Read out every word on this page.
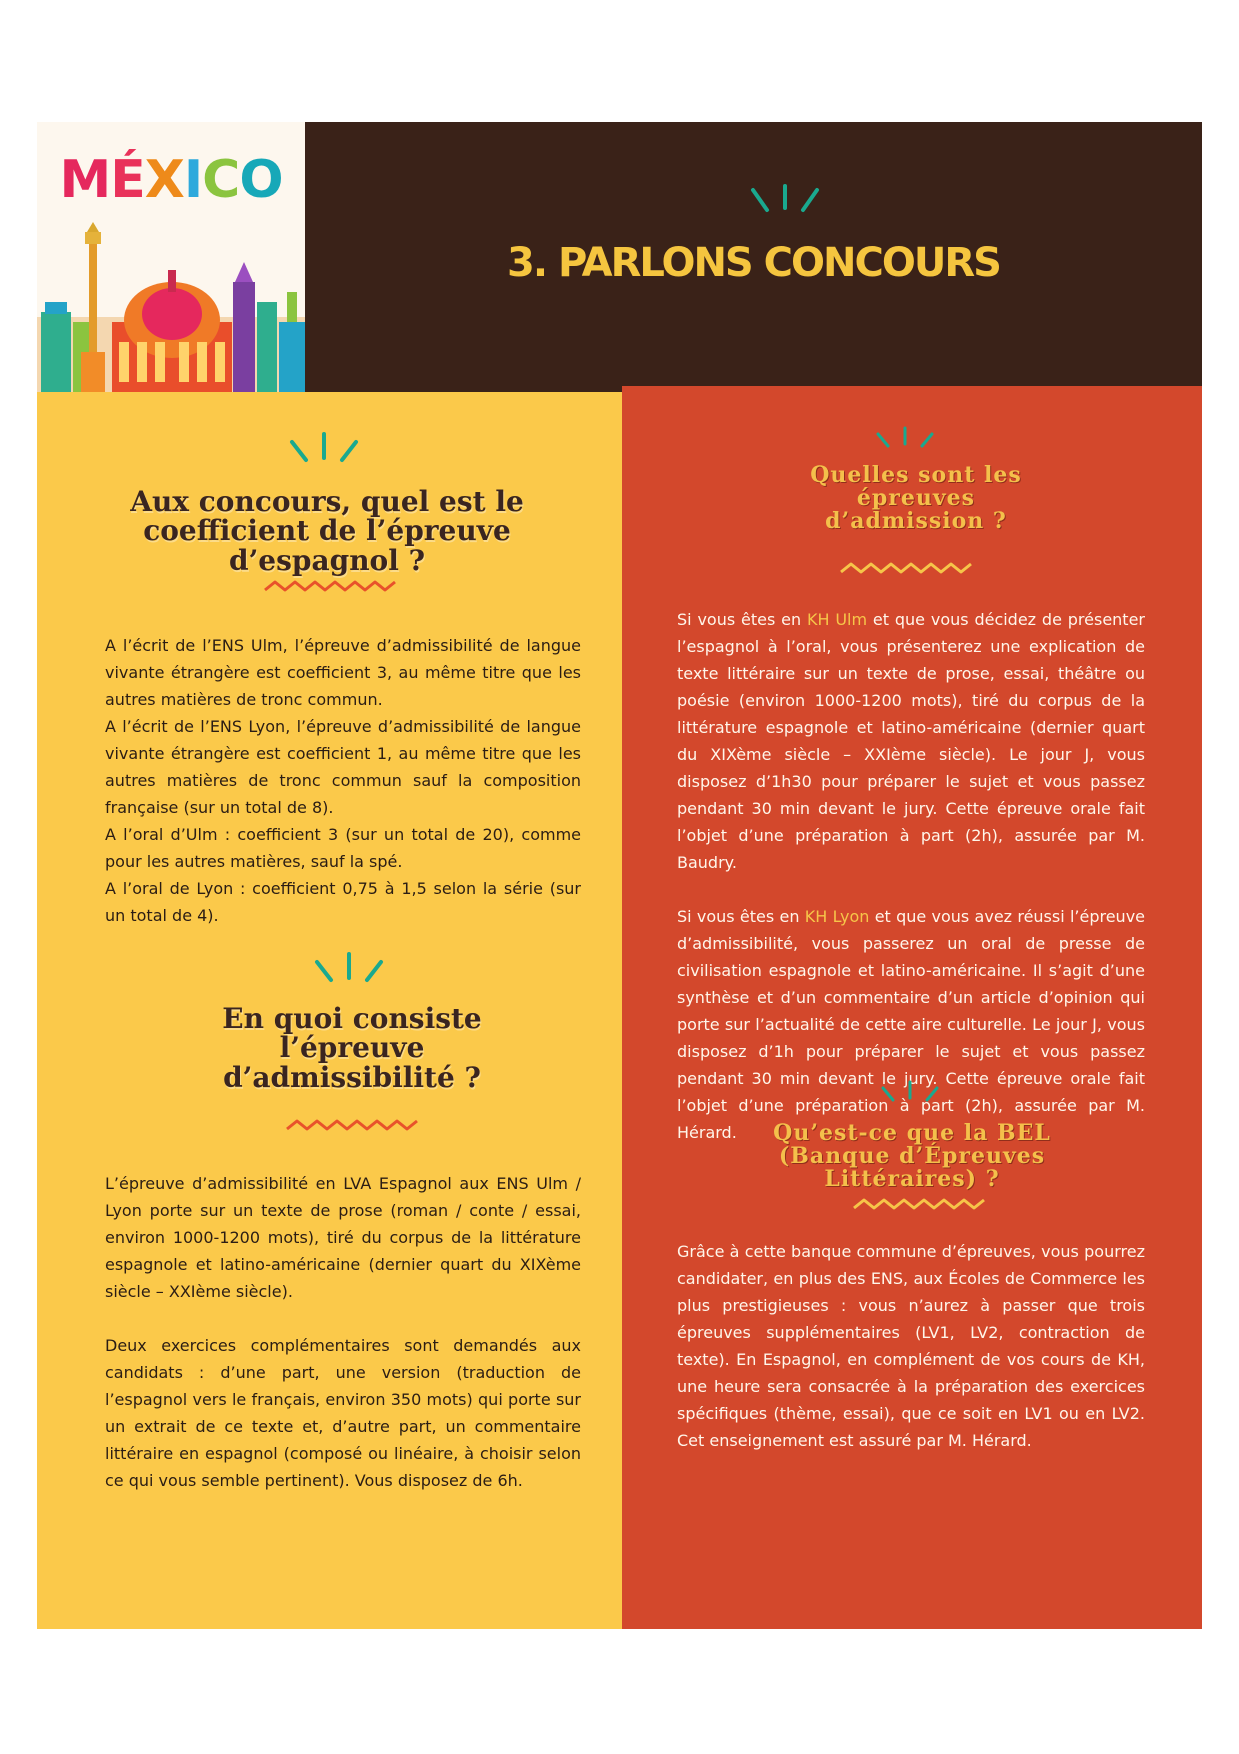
MÉXICO
3. PARLONS CONCOURS
Aux concours, quel est le coefficient de l’épreuve d’espagnol ?

A l’écrit de l’ENS Ulm, l’épreuve d’admissibilité de langue vivante étrangère est coefficient 3, au même titre que les autres matières de tronc commun.

A l’écrit de l’ENS Lyon, l’épreuve d’admissibilité de langue vivante étrangère est coefficient 1, au même titre que les autres matières de tronc commun sauf la composition française (sur un total de 8).

A l’oral d’Ulm : coefficient 3 (sur un total de 20), comme pour les autres matières, sauf la spé.

A l’oral de Lyon : coefficient 0,75 à 1,5 selon la série (sur un total de 4).

En quoi consiste l’épreuve d’admissibilité ?

L’épreuve d’admissibilité en LVA Espagnol aux ENS Ulm / Lyon porte sur un texte de prose (roman / conte / essai, environ 1000-1200 mots), tiré du corpus de la littérature espagnole et latino-américaine (dernier quart du XIXème siècle – XXIème siècle).

Deux exercices complémentaires sont demandés aux candidats : d’une part, une version (traduction de l’espagnol vers le français, environ 350 mots) qui porte sur un extrait de ce texte et, d’autre part, un commentaire littéraire en espagnol (composé ou linéaire, à choisir selon ce qui vous semble pertinent). Vous disposez de 6h.

Quelles sont les épreuves d’admission ?

Si vous êtes en KH Ulm et que vous décidez de présenter l’espagnol à l’oral, vous présenterez une explication de texte littéraire sur un texte de prose, essai, théâtre ou poésie (environ 1000-1200 mots), tiré du corpus de la littérature espagnole et latino-américaine (dernier quart du XIXème siècle – XXIème siècle). Le jour J, vous disposez d’1h30 pour préparer le sujet et vous passez pendant 30 min devant le jury. Cette épreuve orale fait l’objet d’une préparation à part (2h), assurée par M. Baudry.

Si vous êtes en KH Lyon et que vous avez réussi l’épreuve d’admissibilité, vous passerez un oral de presse de civilisation espagnole et latino-américaine. Il s’agit d’une synthèse et d’un commentaire d’un article d’opinion qui porte sur l’actualité de cette aire culturelle. Le jour J, vous disposez d’1h pour préparer le sujet et vous passez pendant 30 min devant le jury. Cette épreuve orale fait l’objet d’une préparation à part (2h), assurée par M. Hérard.	Qu’est-ce que la BEL (Banque d’Épreuves Littéraires) ?

Grâce à cette banque commune d’épreuves, vous pourrez candidater, en plus des ENS, aux Écoles de Commerce les plus prestigieuses : vous n’aurez à passer que trois épreuves supplémentaires (LV1, LV2, contraction de texte). En Espagnol, en complément de vos cours de KH, une heure sera consacrée à la préparation des exercices spécifiques (thème, essai), que ce soit en LV1 ou en LV2. Cet enseignement est assuré par M. Hérard.
